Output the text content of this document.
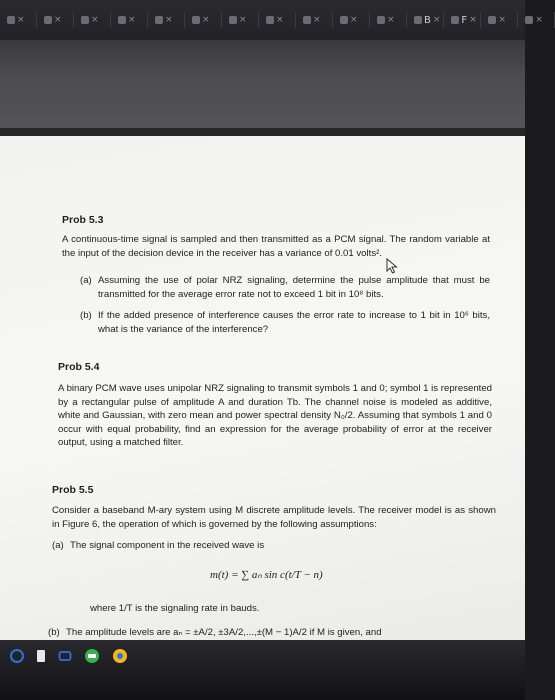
×	×	×	×	×	×	×	×	×	×	×	B × F × ×	×
Prob 5.3
A continuous-time signal is sampled and then transmitted as a PCM signal. The random variable at the input of the decision device in the receiver has a variance of 0.01 volts².
(a) Assuming the use of polar NRZ signaling, determine the pulse amplitude that must be transmitted for the average error rate not to exceed 1 bit in 10⁸ bits.
(b) If the added presence of interference causes the error rate to increase to 1 bit in 10⁶ bits, what is the variance of the interference?
Prob 5.4
A binary PCM wave uses unipolar NRZ signaling to transmit symbols 1 and 0; symbol 1 is represented by a rectangular pulse of amplitude A and duration Tb. The channel noise is modeled as additive, white and Gaussian, with zero mean and power spectral density N₀/2. Assuming that symbols 1 and 0 occur with equal probability, find an expression for the average probability of error at the receiver output, using a matched filter.
Prob 5.5
Consider a baseband M-ary system using M discrete amplitude levels. The receiver model is as shown in Figure 6, the operation of which is governed by the following assumptions:
(a) The signal component in the received wave is
m(t) = ∑ aₙ sin c(t/T − n)
where 1/T is the signaling rate in bauds.
(b) The amplitude levels are aₙ = ±A/2, ±3A/2,...,±(M − 1)A/2 if M is given, and
